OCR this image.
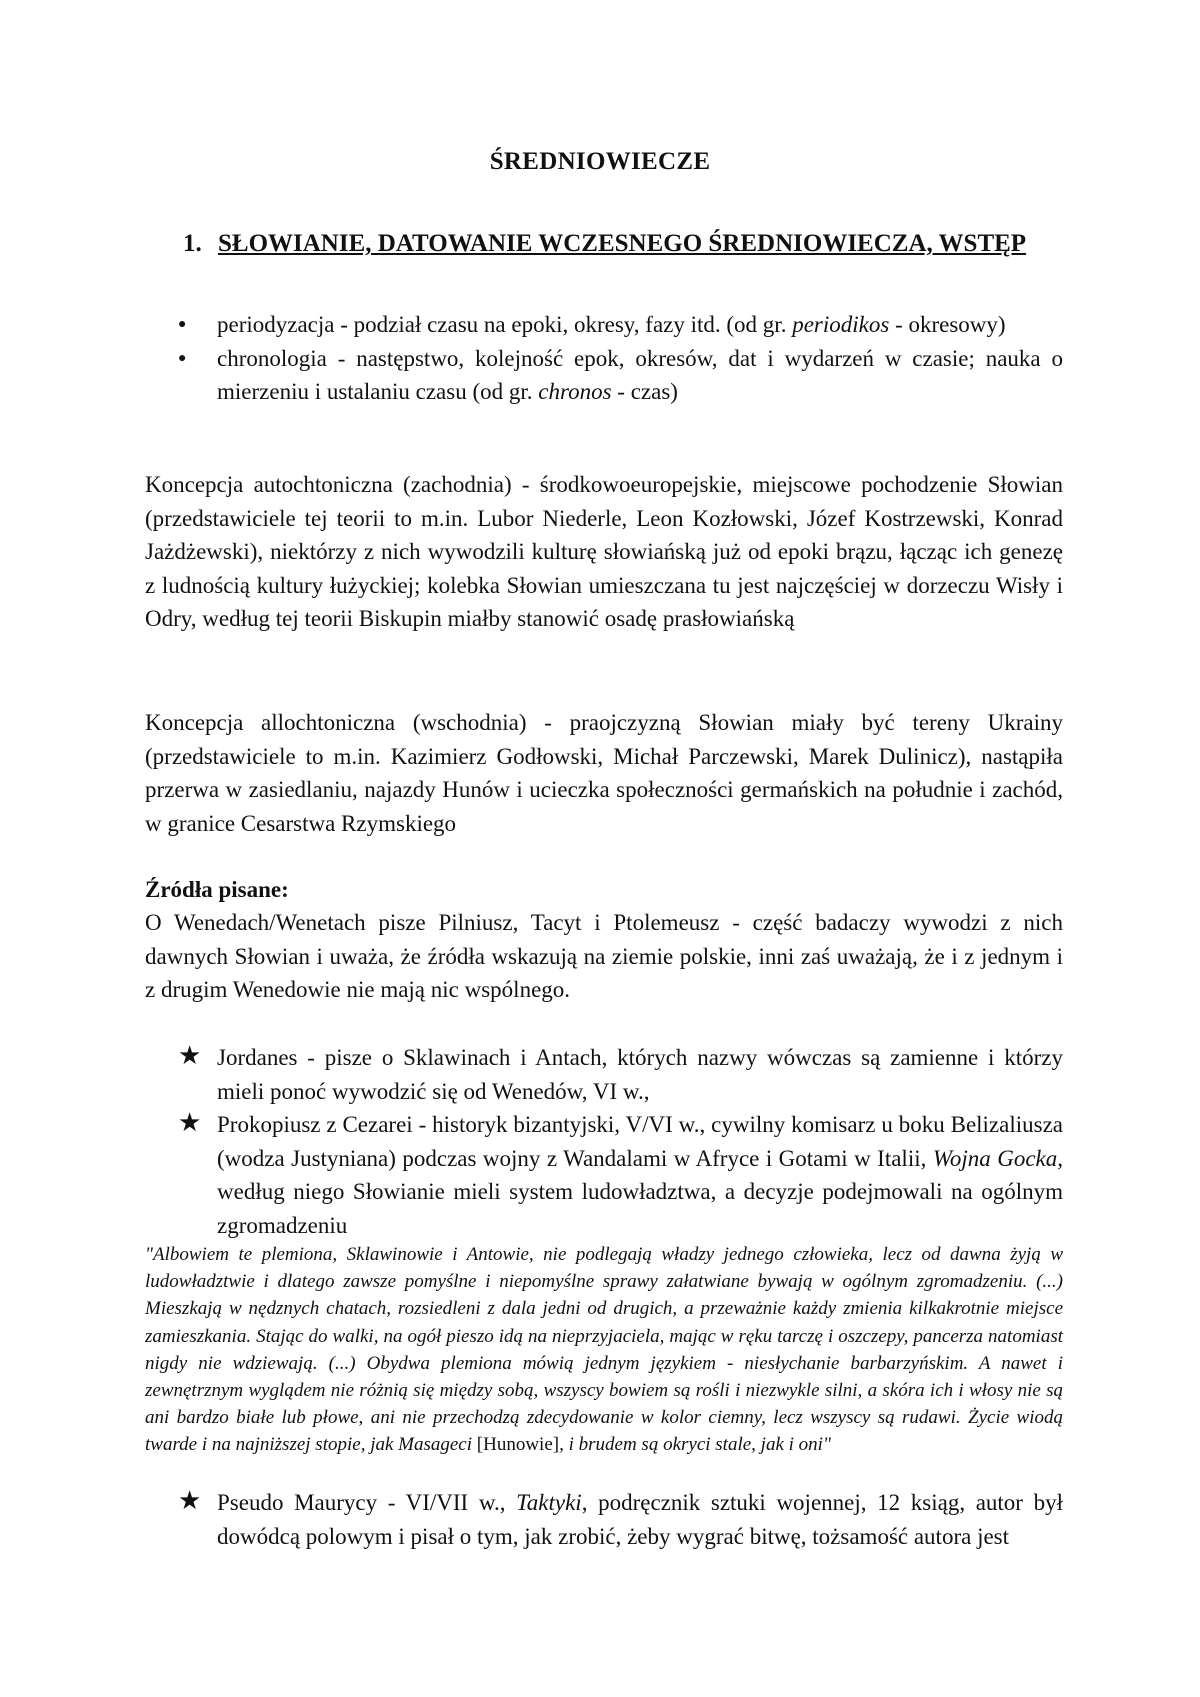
ŚREDNIOWIECZE
1. SŁOWIANIE, DATOWANIE WCZESNEGO ŚREDNIOWIECZA, WSTĘP
●	periodyzacja - podział czasu na epoki, okresy, fazy itd. (od gr. periodikos - okresowy)
●	chronologia - następstwo, kolejność epok, okresów, dat i wydarzeń w czasie; nauka o mierzeniu i ustalaniu czasu (od gr. chronos - czas)

Koncepcja autochtoniczna (zachodnia) - środkowoeuropejskie, miejscowe pochodzenie Słowian (przedstawiciele tej teorii to m.in. Lubor Niederle, Leon Kozłowski, Józef Kostrzewski, Konrad Jażdżewski), niektórzy z nich wywodzili kulturę słowiańską już od epoki brązu, łącząc ich genezę z ludnością kultury łużyckiej; kolebka Słowian umieszczana tu jest najczęściej w dorzeczu Wisły i Odry, według tej teorii Biskupin miałby stanowić osadę prasłowiańską

Koncepcja allochtoniczna (wschodnia) - praojczyzną Słowian miały być tereny Ukrainy (przedstawiciele to m.in. Kazimierz Godłowski, Michał Parczewski, Marek Dulinicz), nastąpiła przerwa w zasiedlaniu, najazdy Hunów i ucieczka społeczności germańskich na południe i zachód, w granice Cesarstwa Rzymskiego

Źródła pisane:

O Wenedach/Wenetach pisze Pilniusz, Tacyt i Ptolemeusz - część badaczy wywodzi z nich dawnych Słowian i uważa, że źródła wskazują na ziemie polskie, inni zaś uważają, że i z jednym i z drugim Wenedowie nie mają nic wspólnego.

★ Jordanes - pisze o Sklawinach i Antach, których nazwy wówczas są zamienne i którzy mieli ponoć wywodzić się od Wenedów, VI w.,
★ Prokopiusz z Cezarei - historyk bizantyjski, V/VI w., cywilny komisarz u boku Belizaliusza (wodza Justyniana) podczas wojny z Wandalami w Afryce i Gotami w Italii, Wojna Gocka, według niego Słowianie mieli system ludowładztwa, a decyzje podejmowali na ogólnym zgromadzeniu

"Albowiem te plemiona, Sklawinowie i Antowie, nie podlegają władzy jednego człowieka, lecz od dawna żyją w ludowładztwie i dlatego zawsze pomyślne i niepomyślne sprawy załatwiane bywają w ogólnym zgromadzeniu. (...) Mieszkają w nędznych chatach, rozsiedleni z dala jedni od drugich, a przeważnie każdy zmienia kilkakrotnie miejsce zamieszkania. Stając do walki, na ogół pieszo idą na nieprzyjaciela, mając w ręku tarczę i oszczepy, pancerza natomiast nigdy nie wdziewają. (...) Obydwa plemiona mówią jednym językiem - niesłychanie barbarzyńskim. A nawet i zewnętrznym wyglądem nie różnią się między sobą, wszyscy bowiem są rośli i niezwykle silni, a skóra ich i włosy nie są ani bardzo białe lub płowe, ani nie przechodzą zdecydowanie w kolor ciemny, lecz wszyscy są rudawi. Życie wiodą twarde i na najniższej stopie, jak Masageci [Hunowie], i brudem są okryci stale, jak i oni"

★ Pseudo Maurycy - VI/VII w., Taktyki, podręcznik sztuki wojennej, 12 ksiąg, autor był dowódcą polowym i pisał o tym, jak zrobić, żeby wygrać bitwę, tożsamość autora jest
